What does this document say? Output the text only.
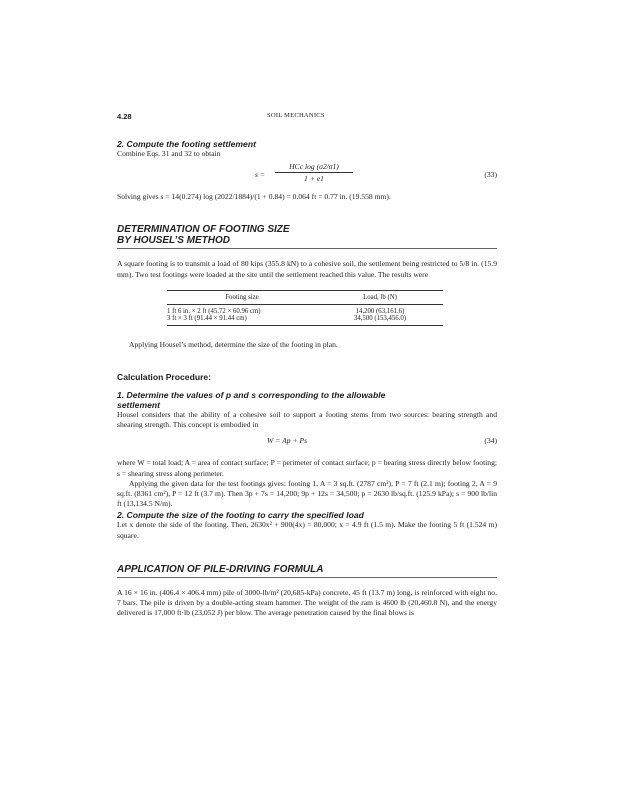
4.28	SOIL MECHANICS
2. Compute the footing settlement
Combine Eqs. 31 and 32 to obtain
s =
HCc log (σ2/σ1)
1 + e1	(33)
Solving gives s = 14(0.274) log (2022/1884)/(1 + 0.84) = 0.064 ft = 0.77 in. (19.558 mm).
DETERMINATION OF FOOTING SIZE
BY HOUSEL’S METHOD
A square footing is to transmit a load of 80 kips (355.8 kN) to a cohesive soil, the settlement being restricted to 5/8 in. (15.9 mm). Two test footings were loaded at the site until the settlement reached this value. The results were
Footing size	Load, lb (N)
1 ft 6 in. × 2 ft (45.72 × 60.96 cm)	14,200 (63,161.6)
3 ft × 3 ft (91.44 × 91.44 cm)	34,500 (153,456.0)
Applying Housel’s method, determine the size of the footing in plan.
Calculation Procedure:
1. Determine the values of p and s corresponding to the allowable
settlement
Housel considers that the ability of a cohesive soil to support a footing stems from two sources: bearing strength and shearing strength. This concept is embodied in
W = Ap + Ps	(34)
where W = total load; A = area of contact surface; P = perimeter of contact surface; p = bearing stress directly below footing; s = shearing stress along perimeter.
Applying the given data for the test footings gives: footing 1, A = 3 sq.ft. (2787 cm²), P = 7 ft (2.1 m); footing 2, A = 9 sq.ft. (8361 cm²), P = 12 ft (3.7 m). Then 3p + 7s = 14,200; 9p + 12s = 34,500; p = 2630 lb/sq.ft. (125.9 kPa); s = 900 lb/lin ft (13,134.5 N/m).
2. Compute the size of the footing to carry the specified load
Let x denote the side of the footing. Then, 2630x² + 900(4x) = 80,000; x = 4.9 ft (1.5 m). Make the footing 5 ft (1.524 m) square.
APPLICATION OF PILE-DRIVING FORMULA
A 16 × 16 in. (406.4 × 406.4 mm) pile of 3000-lb/m² (20,685-kPa) concrete, 45 ft (13.7 m) long, is reinforced with eight no. 7 bars. The pile is driven by a double-acting steam hammer. The weight of the ram is 4600 lb (20,460.8 N), and the energy delivered is 17,000 ft·lb (23,052 J) per blow. The average penetration caused by the final blows is
